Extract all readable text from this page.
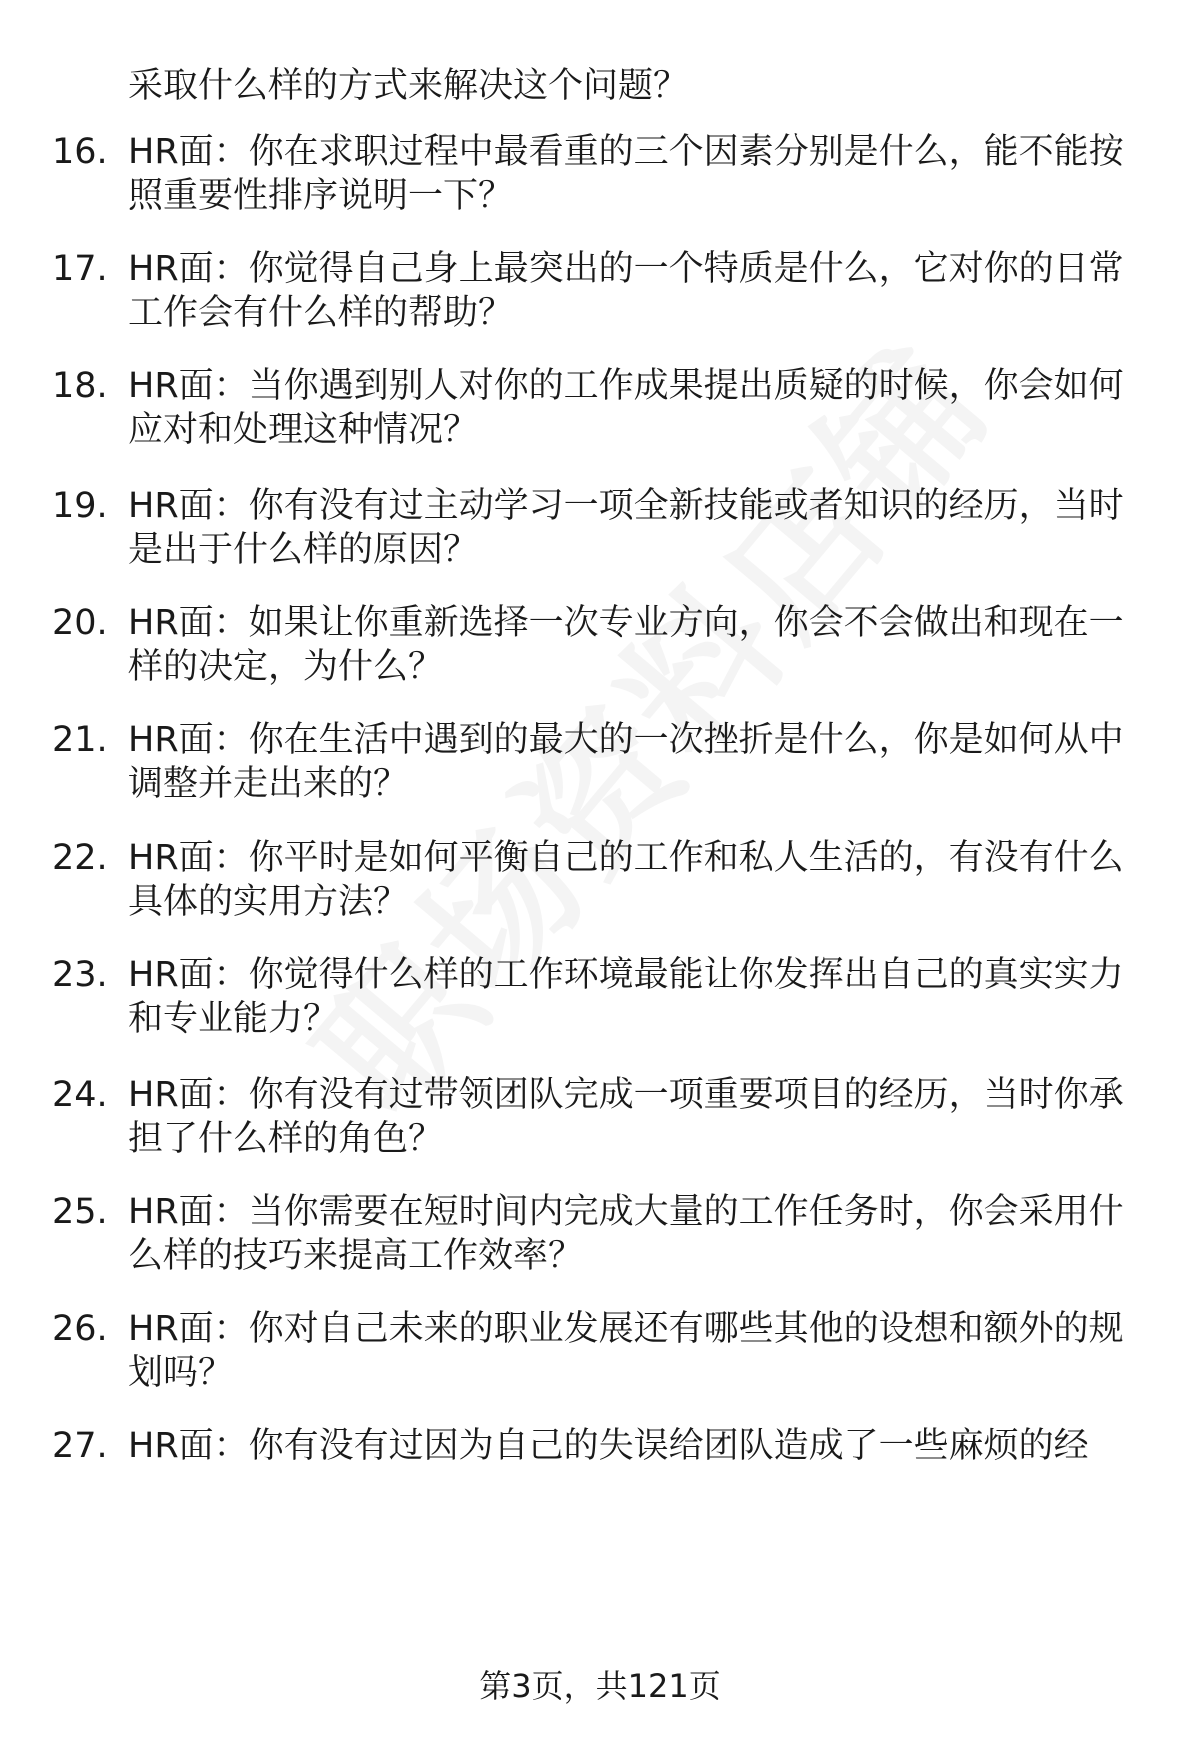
采取什么样的方式来解决这个问题？
16. HR面：你在求职过程中最看重的三个因素分别是什么，能不能按
照重要性排序说明一下？
17. HR面：你觉得自己身上最突出的一个特质是什么，它对你的日常
工作会有什么样的帮助？
18. HR面：当你遇到别人对你的工作成果提出质疑的时候，你会如何
应对和处理这种情况？
19. HR面：你有没有过主动学习一项全新技能或者知识的经历，当时
是出于什么样的原因？
20. HR面：如果让你重新选择一次专业方向，你会不会做出和现在一
样的决定，为什么？
21. HR面：你在生活中遇到的最大的一次挫折是什么，你是如何从中
调整并走出来的？
22. HR面：你平时是如何平衡自己的工作和私人生活的，有没有什么
具体的实用方法？
23. HR面：你觉得什么样的工作环境最能让你发挥出自己的真实实力
和专业能力？
24. HR面：你有没有过带领团队完成一项重要项目的经历，当时你承
担了什么样的角色？
25. HR面：当你需要在短时间内完成大量的工作任务时，你会采用什
么样的技巧来提高工作效率？
26. HR面：你对自己未来的职业发展还有哪些其他的设想和额外的规
划吗？
27. HR面：你有没有过因为自己的失误给团队造成了一些麻烦的经
第3页，共121页
